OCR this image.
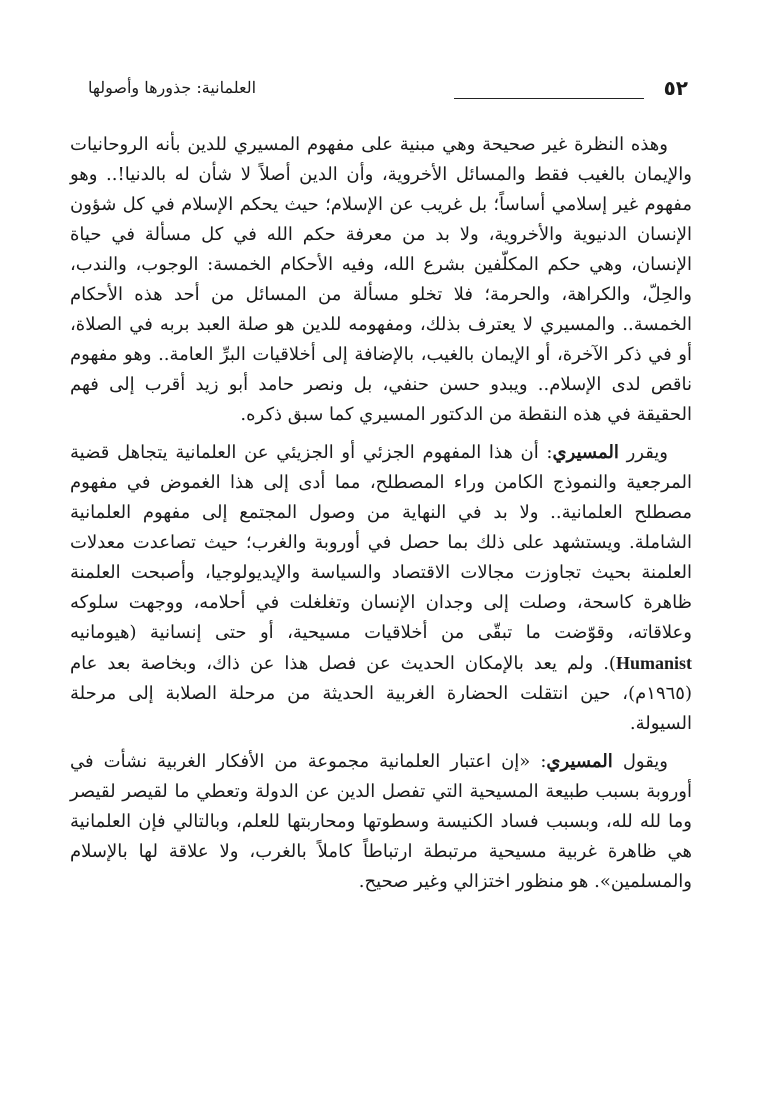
٥٢
العلمانية: جذورها وأصولها

وهذه النظرة غير صحيحة وهي مبنية على مفهوم المسيري للدين بأنه الروحانيات والإيمان بالغيب فقط والمسائل الأخروية، وأن الدين أصلاً لا شأن له بالدنيا!.. وهو مفهوم غير إسلامي أساساً؛ بل غريب عن الإسلام؛ حيث يحكم الإسلام في كل شؤون الإنسان الدنيوية والأخروية، ولا بد من معرفة حكم الله في كل مسألة في حياة الإنسان، وهي حكم المكلّفين بشرع الله، وفيه الأحكام الخمسة: الوجوب، والندب، والحِلّ، والكراهة، والحرمة؛ فلا تخلو مسألة من المسائل من أحد هذه الأحكام الخمسة.. والمسيري لا يعترف بذلك، ومفهومه للدين هو صلة العبد بربه في الصلاة، أو في ذكر الآخرة، أو الإيمان بالغيب، بالإضافة إلى أخلاقيات البرِّ العامة.. وهو مفهوم ناقص لدى الإسلام.. ويبدو حسن حنفي، بل ونصر حامد أبو زيد أقرب إلى فهم الحقيقة في هذه النقطة من الدكتور المسيري كما سبق ذكره.

ويقرر المسيري: أن هذا المفهوم الجزئي أو الجزيئي عن العلمانية يتجاهل قضية المرجعية والنموذج الكامن وراء المصطلح، مما أدى إلى هذا الغموض في مفهوم مصطلح العلمانية.. ولا بد في النهاية من وصول المجتمع إلى مفهوم العلمانية الشاملة. ويستشهد على ذلك بما حصل في أوروبة والغرب؛ حيث تصاعدت معدلات العلمنة بحيث تجاوزت مجالات الاقتصاد والسياسة والإيديولوجيا، وأصبحت العلمنة ظاهرة كاسحة، وصلت إلى وجدان الإنسان وتغلغلت في أحلامه، ووجهت سلوكه وعلاقاته، وقوّضت ما تبقّى من أخلاقيات مسيحية، أو حتى إنسانية (هيومانيه Humanist). ولم يعد بالإمكان الحديث عن فصل هذا عن ذاك، وبخاصة بعد عام (١٩٦٥م)، حين انتقلت الحضارة الغربية الحديثة من مرحلة الصلابة إلى مرحلة السيولة.

ويقول المسيري: «إن اعتبار العلمانية مجموعة من الأفكار الغربية نشأت في أوروبة بسبب طبيعة المسيحية التي تفصل الدين عن الدولة وتعطي ما لقيصر لقيصر وما لله لله، وبسبب فساد الكنيسة وسطوتها ومحاربتها للعلم، وبالتالي فإن العلمانية هي ظاهرة غربية مسيحية مرتبطة ارتباطاً كاملاً بالغرب، ولا علاقة لها بالإسلام والمسلمين». هو منظور اختزالي وغير صحيح.
